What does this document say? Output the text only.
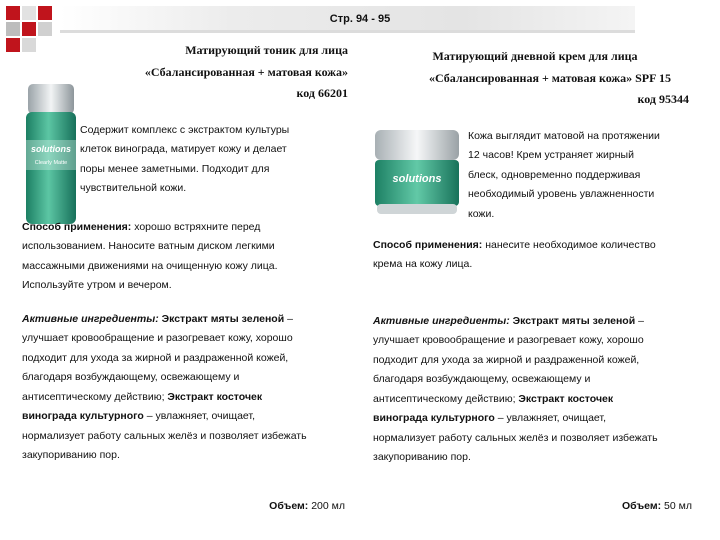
Стр. 94 - 95
Матирующий тоник для лица
«Сбалансированная + матовая кожа»
код 66201
solutions
Clearly Matte
Содержит комплекс с экстрактом культуры
клеток винограда, матирует кожу и делает
поры менее заметными. Подходит для
чувствительной кожи.
Способ применения: хорошо встряхните перед
использованием. Наносите ватным диском легкими
массажными движениями на очищенную кожу лица.
Используйте утром и вечером.
Активные ингредиенты: Экстракт мяты зеленой –
улучшает кровообращение и разогревает кожу, хорошо
подходит для ухода за жирной и раздраженной кожей,
благодаря возбуждающему, освежающему и
антисептическому действию; Экстракт косточек
винограда культурного – увлажняет, очищает,
нормализует работу сальных желёз и позволяет избежать
закупориванию пор.
Объем: 200 мл
Матирующий дневной крем для лица
«Сбалансированная + матовая кожа» SPF 15
код 95344
solutions
Кожа выглядит матовой на протяжении
12 часов! Крем устраняет жирный
блеск, одновременно поддерживая
необходимый уровень увлажненности
кожи.
Способ применения: нанесите необходимое количество
крема на кожу лица.
Активные ингредиенты: Экстракт мяты зеленой –
улучшает кровообращение и разогревает кожу, хорошо
подходит для ухода за жирной и раздраженной кожей,
благодаря возбуждающему, освежающему и
антисептическому действию; Экстракт косточек
винограда культурного – увлажняет, очищает,
нормализует работу сальных желёз и позволяет избежать
закупориванию пор.
Объем: 50 мл
